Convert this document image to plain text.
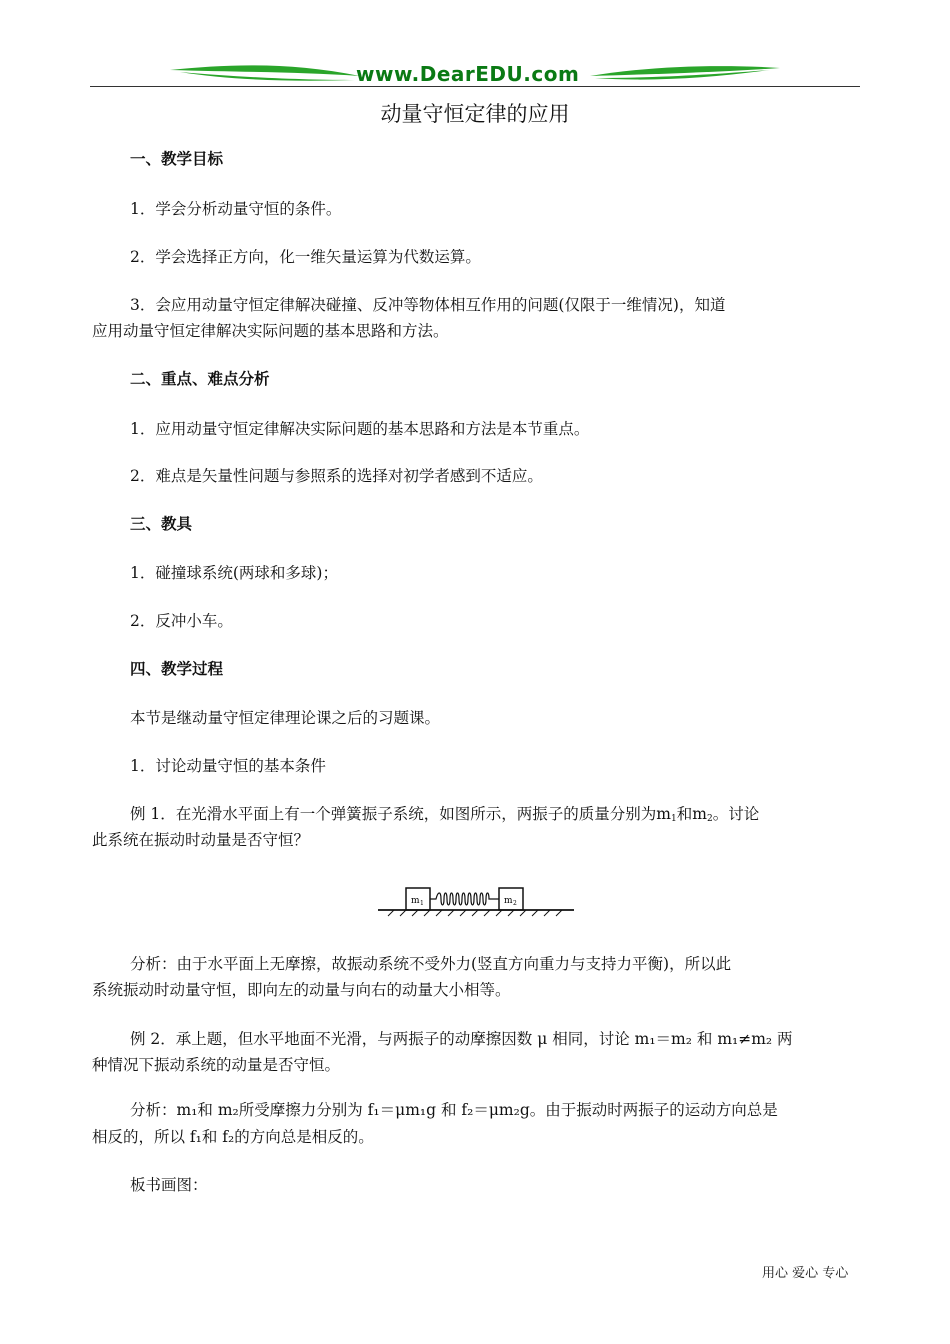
www.DearEDU.com
动量守恒定律的应用
一、教学目标
1．学会分析动量守恒的条件。
2．学会选择正方向，化一维矢量运算为代数运算。
3．会应用动量守恒定律解决碰撞、反冲等物体相互作用的问题(仅限于一维情况)，知道
应用动量守恒定律解决实际问题的基本思路和方法。
二、重点、难点分析
1．应用动量守恒定律解决实际问题的基本思路和方法是本节重点。
2．难点是矢量性问题与参照系的选择对初学者感到不适应。
三、教具
1．碰撞球系统(两球和多球)；
2．反冲小车。
四、教学过程
本节是继动量守恒定律理论课之后的习题课。
1．讨论动量守恒的基本条件
例 1．在光滑水平面上有一个弹簧振子系统，如图所示，两振子的质量分别为$m_1$和$m_2$。讨论
此系统在振动时动量是否守恒？
m 1	m 2
分析：由于水平面上无摩擦，故振动系统不受外力(竖直方向重力与支持力平衡)，所以此
系统振动时动量守恒，即向左的动量与向右的动量大小相等。
例 2．承上题，但水平地面不光滑，与两振子的动摩擦因数 μ 相同，讨论 m₁＝m₂ 和 m₁≠m₂ 两
种情况下振动系统的动量是否守恒。
分析：m₁和 m₂所受摩擦力分别为 f₁＝μm₁g 和 f₂＝μm₂g。由于振动时两振子的运动方向总是
相反的，所以 f₁和 f₂的方向总是相反的。
板书画图：
用心 爱心 专心
